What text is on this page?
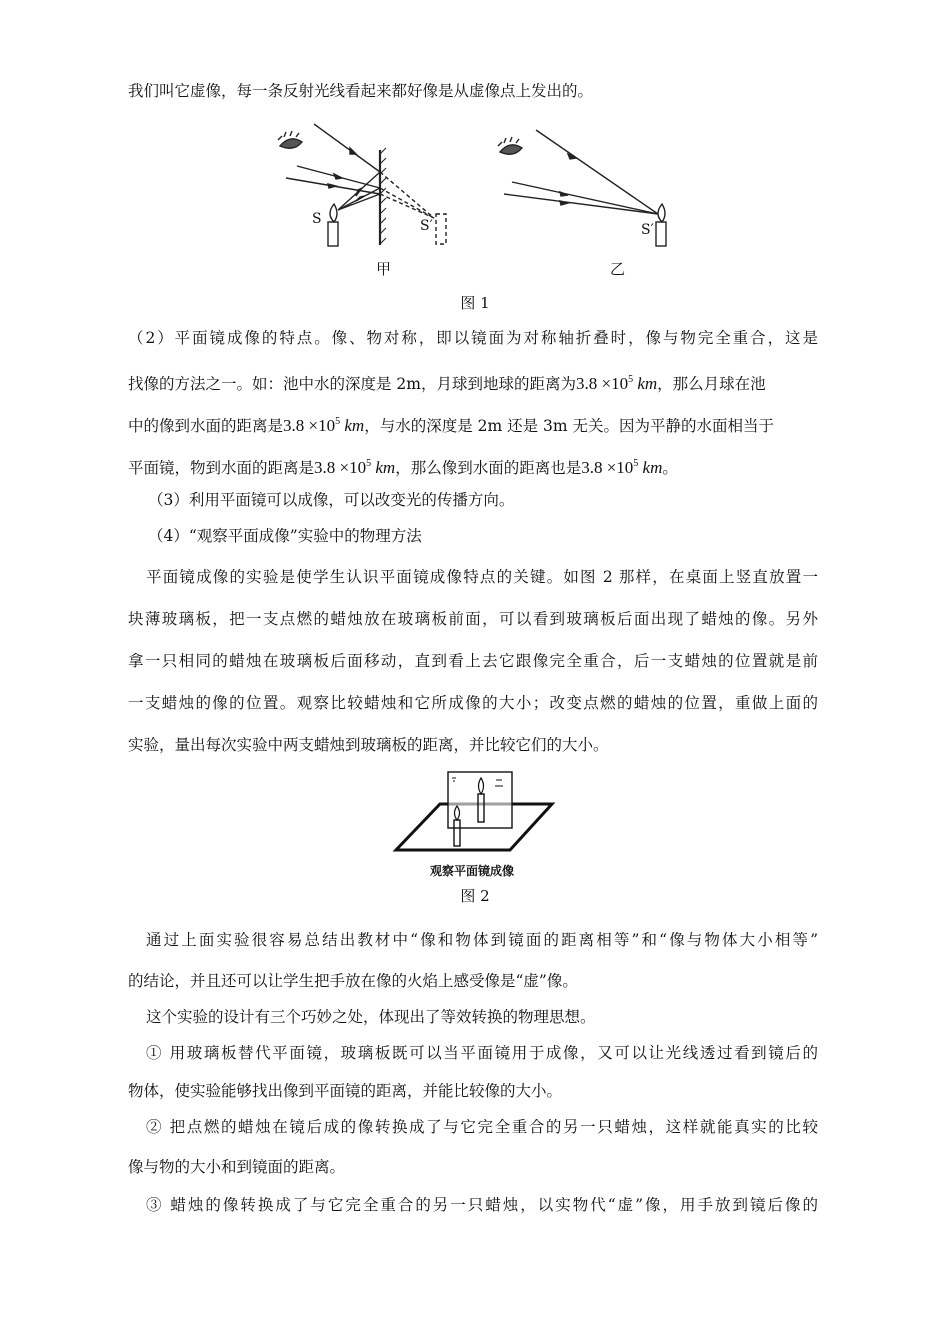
我们叫它虚像，每一条反射光线看起来都好像是从虚像点上发出的。
S	S′	S′
甲	乙
图 1
（2）平面镜成像的特点。像、物对称，即以镜面为对称轴折叠时，像与物完全重合，这是
找像的方法之一。如：池中水的深度是 2m，月球到地球的距离为$3.8 \times 10^5$ km，那么月球在池
中的像到水面的距离是$3.8 \times 10^5$ km，与水的深度是 2m 还是 3m 无关。因为平静的水面相当于
平面镜，物到水面的距离是$3.8 \times 10^5$ km，那么像到水面的距离也是$3.8 \times 10^5$ km。
（3）利用平面镜可以成像，可以改变光的传播方向。
（4）“观察平面成像”实验中的物理方法
平面镜成像的实验是使学生认识平面镜成像特点的关键。如图 2 那样，在桌面上竖直放置一
块薄玻璃板，把一支点燃的蜡烛放在玻璃板前面，可以看到玻璃板后面出现了蜡烛的像。另外
拿一只相同的蜡烛在玻璃板后面移动，直到看上去它跟像完全重合，后一支蜡烛的位置就是前
一支蜡烛的像的位置。观察比较蜡烛和它所成像的大小；改变点燃的蜡烛的位置，重做上面的
实验，量出每次实验中两支蜡烛到玻璃板的距离，并比较它们的大小。
观察平面镜成像
图 2
通过上面实验很容易总结出教材中“像和物体到镜面的距离相等”和“像与物体大小相等”
的结论，并且还可以让学生把手放在像的火焰上感受像是“虚”像。
这个实验的设计有三个巧妙之处，体现出了等效转换的物理思想。
① 用玻璃板替代平面镜，玻璃板既可以当平面镜用于成像，又可以让光线透过看到镜后的
物体，使实验能够找出像到平面镜的距离，并能比较像的大小。
② 把点燃的蜡烛在镜后成的像转换成了与它完全重合的另一只蜡烛，这样就能真实的比较
像与物的大小和到镜面的距离。
③ 蜡烛的像转换成了与它完全重合的另一只蜡烛，以实物代“虚”像，用手放到镜后像的
